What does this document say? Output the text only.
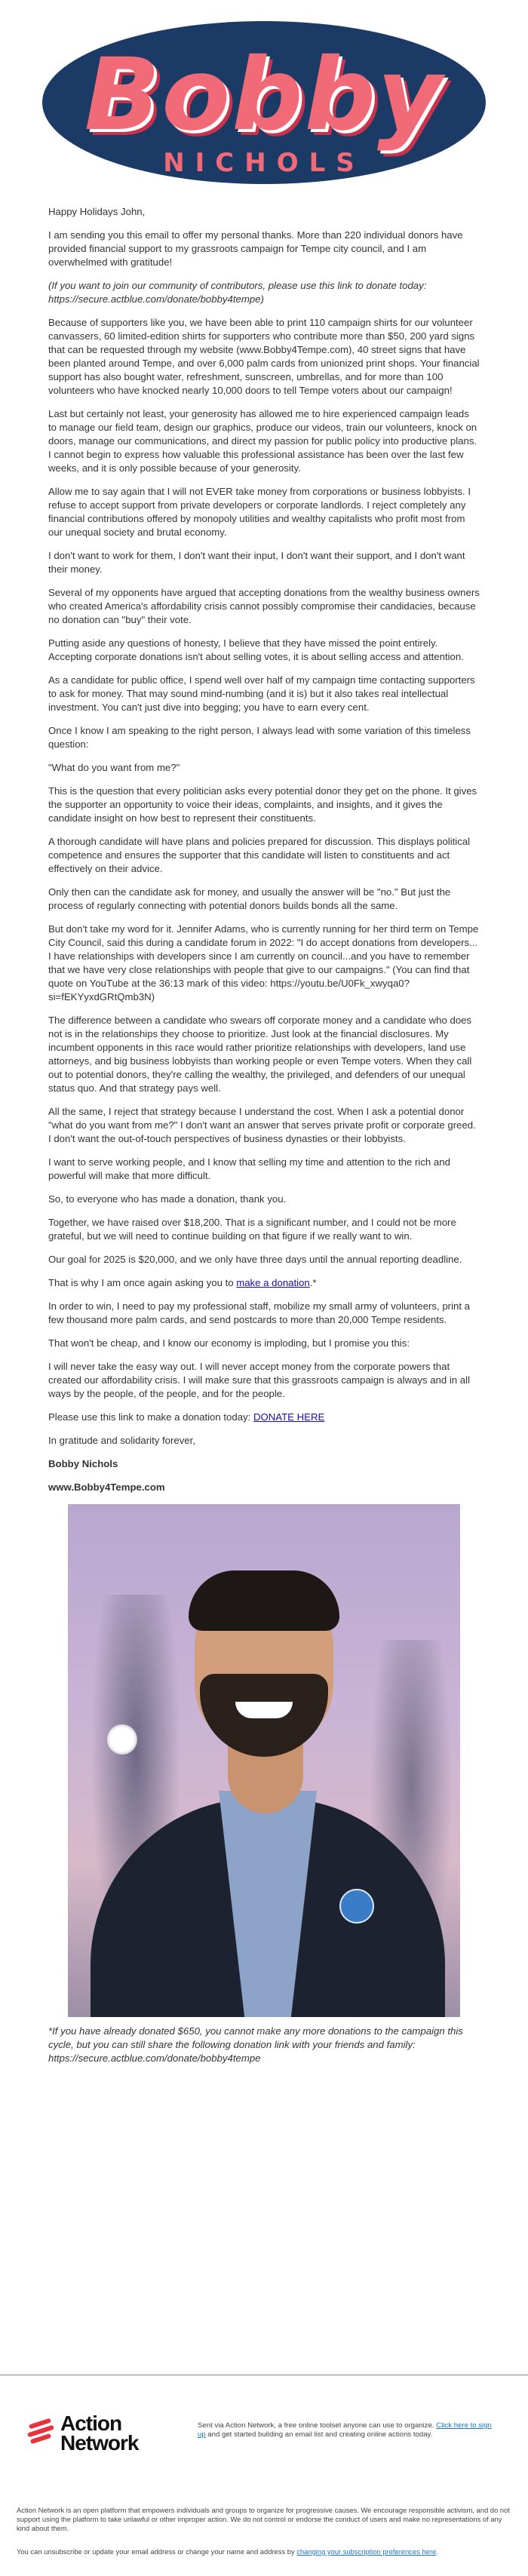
Bobby
NICHOLS

Happy Holidays John,

I am sending you this email to offer my personal thanks. More than 220 individual donors have provided financial support to my grassroots campaign for Tempe city council, and I am overwhelmed with gratitude!

(If you want to join our community of contributors, please use this link to donate today: https://secure.actblue.com/donate/bobby4tempe)

Because of supporters like you, we have been able to print 110 campaign shirts for our volunteer canvassers, 60 limited-edition shirts for supporters who contribute more than $50, 200 yard signs that can be requested through my website (www.Bobby4Tempe.com), 40 street signs that have been planted around Tempe, and over 6,000 palm cards from unionized print shops. Your financial support has also bought water, refreshment, sunscreen, umbrellas, and for more than 100 volunteers who have knocked nearly 10,000 doors to tell Tempe voters about our campaign!

Last but certainly not least, your generosity has allowed me to hire experienced campaign leads to manage our field team, design our graphics, produce our videos, train our volunteers, knock on doors, manage our communications, and direct my passion for public policy into productive plans. I cannot begin to express how valuable this professional assistance has been over the last few weeks, and it is only possible because of your generosity.

Allow me to say again that I will not EVER take money from corporations or business lobbyists. I refuse to accept support from private developers or corporate landlords. I reject completely any financial contributions offered by monopoly utilities and wealthy capitalists who profit most from our unequal society and brutal economy.

I don't want to work for them, I don't want their input, I don't want their support, and I don't want their money.

Several of my opponents have argued that accepting donations from the wealthy business owners who created America's affordability crisis cannot possibly compromise their candidacies, because no donation can "buy" their vote.

Putting aside any questions of honesty, I believe that they have missed the point entirely. Accepting corporate donations isn't about selling votes, it is about selling access and attention.

As a candidate for public office, I spend well over half of my campaign time contacting supporters to ask for money. That may sound mind-numbing (and it is) but it also takes real intellectual investment. You can't just dive into begging; you have to earn every cent.

Once I know I am speaking to the right person, I always lead with some variation of this timeless question:

"What do you want from me?"

This is the question that every politician asks every potential donor they get on the phone. It gives the supporter an opportunity to voice their ideas, complaints, and insights, and it gives the candidate insight on how best to represent their constituents.

A thorough candidate will have plans and policies prepared for discussion. This displays political competence and ensures the supporter that this candidate will listen to constituents and act effectively on their advice.

Only then can the candidate ask for money, and usually the answer will be "no." But just the process of regularly connecting with potential donors builds bonds all the same.

But don't take my word for it. Jennifer Adams, who is currently running for her third term on Tempe City Council, said this during a candidate forum in 2022: "I do accept donations from developers... I have relationships with developers since I am currently on council...and you have to remember that we have very close relationships with people that give to our campaigns." (You can find that quote on YouTube at the 36:13 mark of this video: https://youtu.be/U0Fk_xwyqa0?si=fEKYyxdGRtQmb3N)

The difference between a candidate who swears off corporate money and a candidate who does not is in the relationships they choose to prioritize. Just look at the financial disclosures. My incumbent opponents in this race would rather prioritize relationships with developers, land use attorneys, and big business lobbyists than working people or even Tempe voters. When they call out to potential donors, they're calling the wealthy, the privileged, and defenders of our unequal status quo. And that strategy pays well.

All the same, I reject that strategy because I understand the cost. When I ask a potential donor "what do you want from me?" I don't want an answer that serves private profit or corporate greed. I don't want the out-of-touch perspectives of business dynasties or their lobbyists.

I want to serve working people, and I know that selling my time and attention to the rich and powerful will make that more difficult.

So, to everyone who has made a donation, thank you.

Together, we have raised over $18,200. That is a significant number, and I could not be more grateful, but we will need to continue building on that figure if we really want to win.

Our goal for 2025 is $20,000, and we only have three days until the annual reporting deadline.

That is why I am once again asking you to make a donation.*

In order to win, I need to pay my professional staff, mobilize my small army of volunteers, print a few thousand more palm cards, and send postcards to more than 20,000 Tempe residents.

That won't be cheap, and I know our economy is imploding, but I promise you this:

I will never take the easy way out. I will never accept money from the corporate powers that created our affordability crisis. I will make sure that this grassroots campaign is always and in all ways by the people, of the people, and for the people.

Please use this link to make a donation today: DONATE HERE

In gratitude and solidarity forever,

Bobby Nichols

www.Bobby4Tempe.com

*If you have already donated $650, you cannot make any more donations to the campaign this cycle, but you can still share the following donation link with your friends and family: https://secure.actblue.com/donate/bobby4tempe
Action
Network
Sent via Action Network, a free online toolset anyone can use to organize. Click here to sign up and get started building an email list and creating online actions today.
Action Network is an open platform that empowers individuals and groups to organize for progressive causes. We encourage responsible activism, and do not support using the platform to take unlawful or other improper action. We do not control or endorse the conduct of users and make no representations of any kind about them.
You can unsubscribe or update your email address or change your name and address by changing your subscription preferences here.
